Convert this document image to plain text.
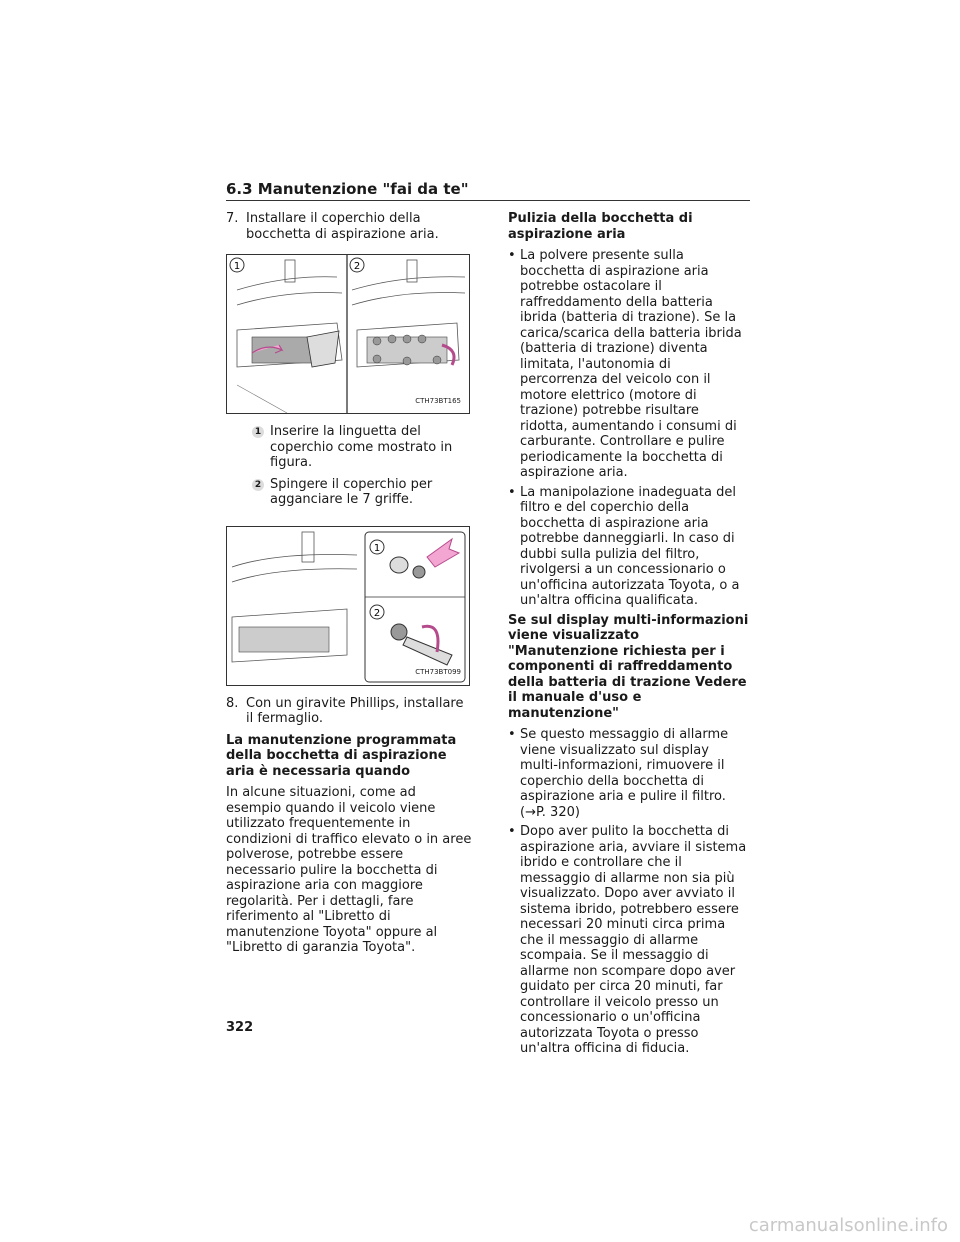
6.3 Manutenzione "fai da te"
7. Installare il coperchio della bocchetta di aspirazione aria.
1	2
CTH73BT165
1 Inserire la linguetta del coperchio come mostrato in figura.
2 Spingere il coperchio per agganciare le 7 griffe.
1
2
CTH73BT099
8. Con un giravite Phillips, installare il fermaglio.
La manutenzione programmata della bocchetta di aspirazione aria è necessaria quando

In alcune situazioni, come ad esempio quando il veicolo viene utilizzato frequentemente in condizioni di traffico elevato o in aree polverose, potrebbe essere necessario pulire la bocchetta di aspirazione aria con maggiore regolarità. Per i dettagli, fare riferimento al "Libretto di manutenzione Toyota" oppure al "Libretto di garanzia Toyota".

Pulizia della bocchetta di aspirazione aria
• La polvere presente sulla bocchetta di aspirazione aria potrebbe ostacolare il raffreddamento della batteria ibrida (batteria di trazione). Se la carica/scarica della batteria ibrida (batteria di trazione) diventa limitata, l'autonomia di percorrenza del veicolo con il motore elettrico (motore di trazione) potrebbe risultare ridotta, aumentando i consumi di carburante. Controllare e pulire periodicamente la bocchetta di aspirazione aria.
• La manipolazione inadeguata del filtro e del coperchio della bocchetta di aspirazione aria potrebbe danneggiarli. In caso di dubbi sulla pulizia del filtro, rivolgersi a un concessionario o un'officina autorizzata Toyota, o a un'altra officina qualificata.
Se sul display multi-informazioni viene visualizzato "Manutenzione richiesta per i componenti di raffreddamento della batteria di trazione Vedere il manuale d'uso e manutenzione"
• Se questo messaggio di allarme viene visualizzato sul display multi-informazioni, rimuovere il coperchio della bocchetta di aspirazione aria e pulire il filtro. (→P. 320)
• Dopo aver pulito la bocchetta di aspirazione aria, avviare il sistema ibrido e controllare che il messaggio di allarme non sia più visualizzato. Dopo aver avviato il sistema ibrido, potrebbero essere necessari 20 minuti circa prima che il messaggio di allarme scompaia. Se il messaggio di allarme non scompare dopo aver guidato per circa 20 minuti, far controllare il veicolo presso un concessionario o un'officina autorizzata Toyota o presso un'altra officina di fiducia.
322
carmanualsonline.info
